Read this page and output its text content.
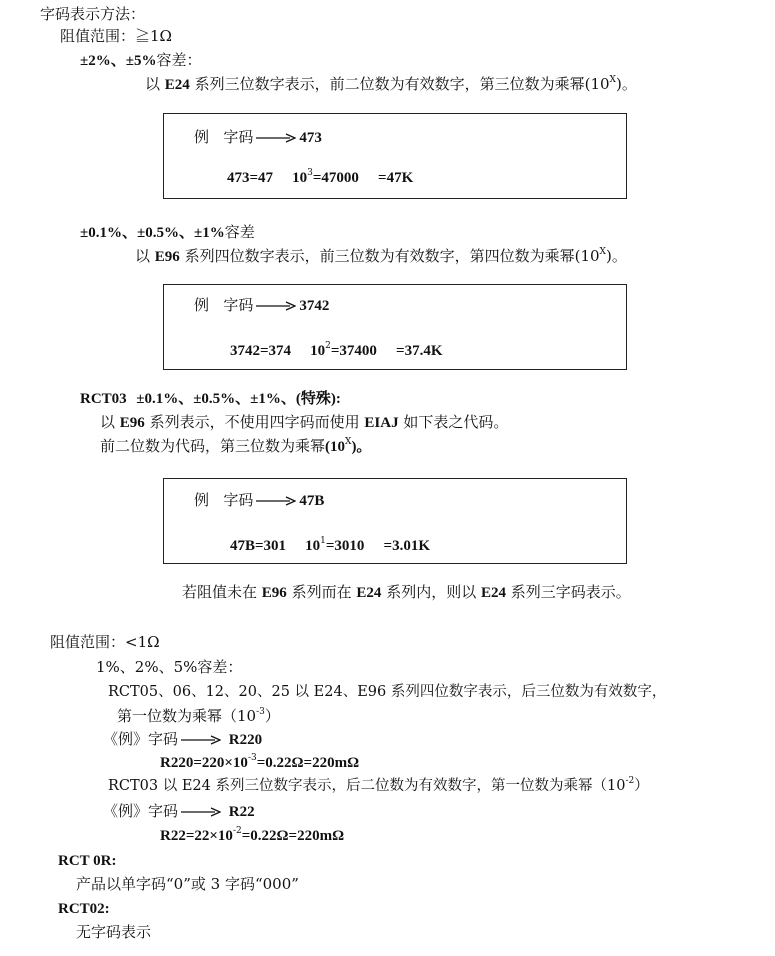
字码表示方法：
阻值范围：≧1Ω
±2%、±5%容差：
以 E24 系列三位数字表示，前二位数为有效数字，第三位数为乘幂$(10^X)$。
例 字码	473
473=47 $10^3=47000 =47K$
±0.1%、±0.5%、±1%容差
以 E96 系列四位数字表示，前三位数为有效数字，第四位数为乘幂$(10^X)$。
例 字码	3742
3742=374 $10^2=37400 =37.4K$
RCT03 ±0.1%、±0.5%、±1%、(特殊):
以 E96 系列表示，不使用四字码而使用 EIAJ 如下表之代码。
前二位数为代码，第三位数为乘幂$(10^X)$。
例 字码	47B
47B=301 $10^1=3010 =3.01K$
若阻值未在 E96 系列而在 E24 系列内，则以 E24 系列三字码表示。
阻值范围：<1Ω
1%、2%、5%容差：
RCT05、06、12、20、25 以 E24、E96 系列四位数字表示，后三位数为有效数字，
第一位数为乘幂$(10^{-3})$
《例》字码	R220
$R220=220\times 10^{-3}=0.22\Omega=220m\Omega$
RCT03 以 E24 系列三位数字表示，后二位数为有效数字，第一位数为乘幂$(10^{-2})$
《例》字码	R22
$R22=22\times 10^{-2}=0.22\Omega=220m\Omega$
RCT 0R:
产品以单字码“0”或 3 字码“000”
RCT02:
无字码表示
